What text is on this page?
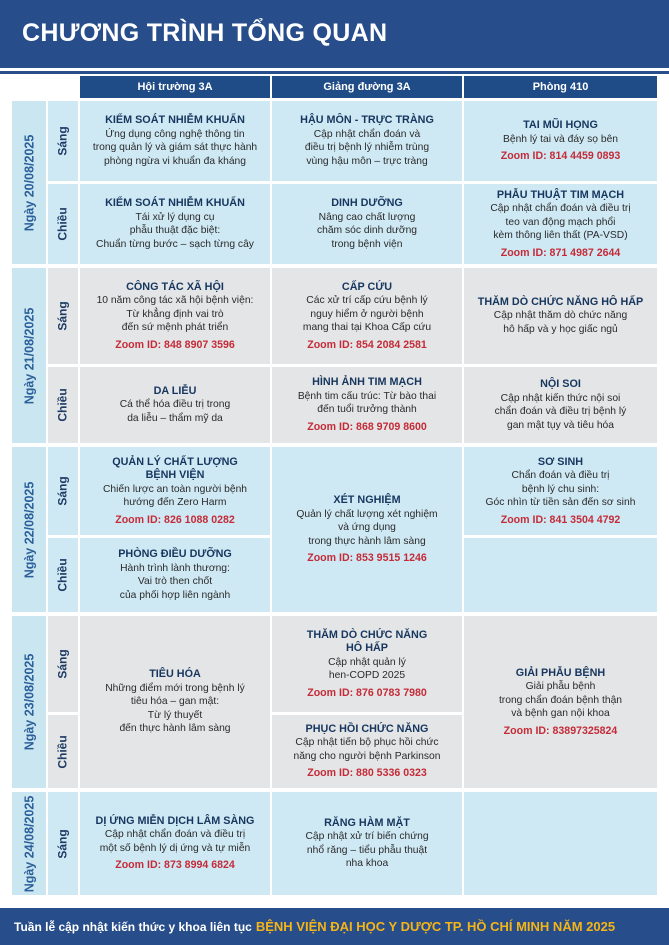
CHƯƠNG TRÌNH TỔNG QUAN
Hội trường 3A	Giảng đường 3A	Phòng 410
Ngày 20/08/2025
Ngày 21/08/2025
Ngày 22/08/2025
Ngày 23/08/2025
Ngày 24/08/2025
Sáng
Chiều
Sáng
Chiều
Sáng
Chiều
Sáng
Chiều
Sáng
KIỂM SOÁT NHIỄM KHUẨN
Ứng dụng công nghệ thông tin
trong quản lý và giám sát thực hành
phòng ngừa vi khuẩn đa kháng
HẬU MÔN - TRỰC TRÀNG
Cập nhật chẩn đoán và
điều trị bệnh lý nhiễm trùng
vùng hậu môn – trực tràng
TAI MŨI HỌNG
Bệnh lý tai và đáy sọ bên
Zoom ID: 814 4459 0893
KIỂM SOÁT NHIỄM KHUẨN
Tái xử lý dụng cụ
phẫu thuật đặc biệt:
Chuẩn từng bước – sạch từng cây
DINH DƯỠNG
Nâng cao chất lượng
chăm sóc dinh dưỡng
trong bệnh viện
PHẪU THUẬT TIM MẠCH
Cập nhật chẩn đoán và điều trị
teo van động mạch phổi
kèm thông liên thất (PA-VSD)
Zoom ID: 871 4987 2644
CÔNG TÁC XÃ HỘI
10 năm công tác xã hội bệnh viện:
Từ khẳng định vai trò
đến sứ mệnh phát triển
Zoom ID: 848 8907 3596
CẤP CỨU
Các xử trí cấp cứu bệnh lý
nguy hiểm ở người bệnh
mang thai tại Khoa Cấp cứu
Zoom ID: 854 2084 2581
THĂM DÒ CHỨC NĂNG HÔ HẤP
Cập nhật thăm dò chức năng
hô hấp và y học giấc ngủ
DA LIỄU
Cá thể hóa điều trị trong
da liễu – thẩm mỹ da
HÌNH ẢNH TIM MẠCH
Bệnh tim cấu trúc: Từ bào thai
đến tuổi trưởng thành
Zoom ID: 868 9709 8600
NỘI SOI
Cập nhật kiến thức nội soi
chẩn đoán và điều trị bệnh lý
gan mật tụy và tiêu hóa
QUẢN LÝ CHẤT LƯỢNG
BỆNH VIỆN
Chiến lược an toàn người bệnh
hướng đến Zero Harm
Zoom ID: 826 1088 0282
XÉT NGHIỆM
Quản lý chất lượng xét nghiệm
và ứng dụng
trong thực hành lâm sàng
Zoom ID: 853 9515 1246
SƠ SINH
Chẩn đoán và điều trị
bệnh lý chu sinh:
Góc nhìn từ tiền sản đến sơ sinh
Zoom ID: 841 3504 4792
PHÒNG ĐIỀU DƯỠNG
Hành trình lành thương:
Vai trò then chốt
của phối hợp liên ngành
TIÊU HÓA
Những điểm mới trong bệnh lý
tiêu hóa – gan mật:
Từ lý thuyết
đến thực hành lâm sàng
THĂM DÒ CHỨC NĂNG
HÔ HẤP
Cập nhật quản lý
hen-COPD 2025
Zoom ID: 876 0783 7980
GIẢI PHẪU BỆNH
Giải phẫu bệnh
trong chẩn đoán bệnh thận
và bệnh gan nội khoa
Zoom ID: 83897325824
PHỤC HỒI CHỨC NĂNG
Cập nhật tiến bộ phục hồi chức
năng cho người bệnh Parkinson
Zoom ID: 880 5336 0323
DỊ ỨNG MIỄN DỊCH LÂM SÀNG
Cập nhật chẩn đoán và điều trị
một số bệnh lý dị ứng và tự miễn
Zoom ID: 873 8994 6824
RĂNG HÀM MẶT
Cập nhật xử trí biến chứng
nhổ răng – tiểu phẫu thuật
nha khoa
Tuần lễ cập nhật kiến thức y khoa liên tục BỆNH VIỆN ĐẠI HỌC Y DƯỢC TP. HỒ CHÍ MINH NĂM 2025
